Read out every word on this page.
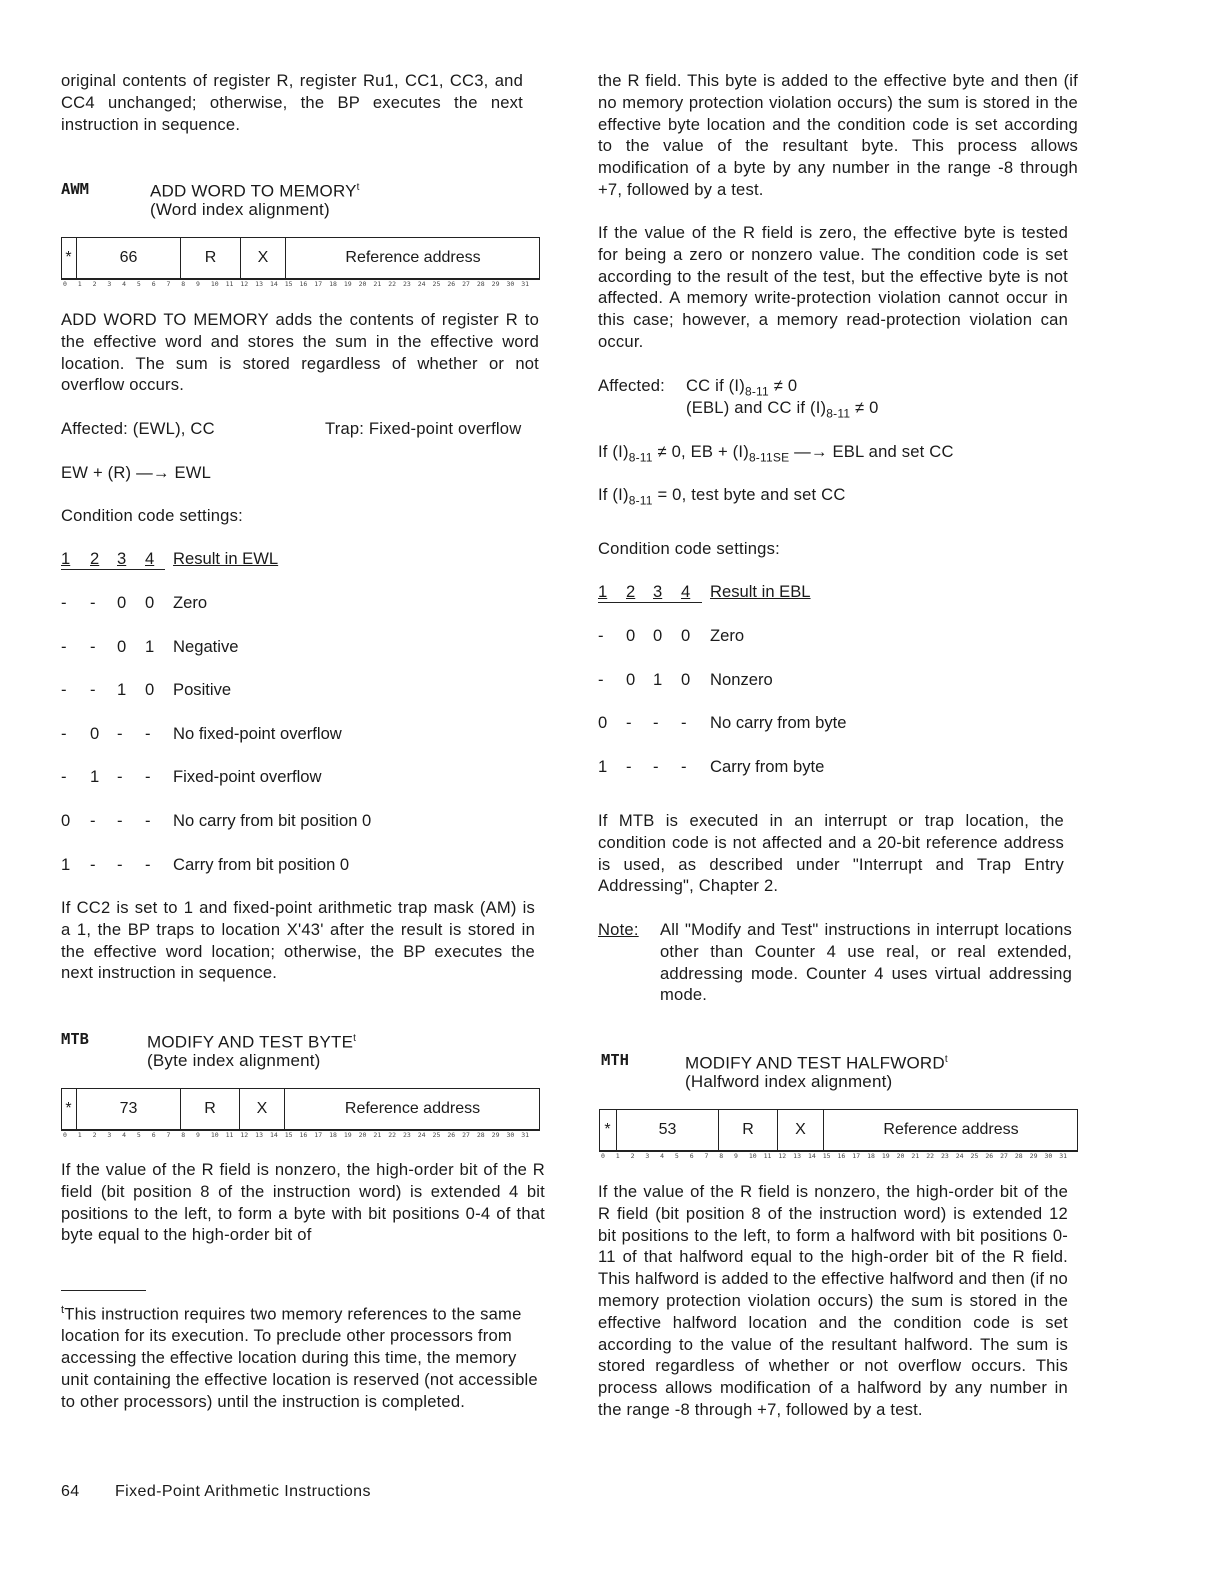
original contents of register R, register Ru1, CC1, CC3, and CC4 unchanged; otherwise, the BP executes the next instruction in sequence.
AWM	ADD WORD TO MEMORY$^t$
(Word index alignment)
*	66	R	X	Reference address
0 1 2 3 4 5 6 7 8 9 10 11 12 13 14 15 16 17 18 19 20 21 22 23 24 25 26 27 28 29 30 31
ADD WORD TO MEMORY adds the contents of register R to the effective word and stores the sum in the effective word location. The sum is stored regardless of whether or not overflow occurs.
Affected: (EWL), CC	Trap: Fixed-point overflow
EW + (R) —→ EWL
Condition code settings:
1 2 3 4 Result in EWL
- - 0 0 Zero
- - 0 1 Negative
- - 1 0 Positive
- 0 - - No fixed-point overflow
- 1 - - Fixed-point overflow
0 - - - No carry from bit position 0
1 - - - Carry from bit position 0
If CC2 is set to 1 and fixed-point arithmetic trap mask (AM) is a 1, the BP traps to location X'43' after the result is stored in the effective word location; otherwise, the BP executes the next instruction in sequence.
MTB	MODIFY AND TEST BYTE$^t$
(Byte index alignment)
*	73	R	X	Reference address
0 1 2 3 4 5 6 7 8 9 10 11 12 13 14 15 16 17 18 19 20 21 22 23 24 25 26 27 28 29 30 31
If the value of the R field is nonzero, the high-order bit of the R field (bit position 8 of the instruction word) is extended 4 bit positions to the left, to form a byte with bit positions 0-4 of that byte equal to the high-order bit of
$^t$This instruction requires two memory references to the same location for its execution. To preclude other processors from accessing the effective location during this time, the memory unit containing the effective location is reserved (not accessible to other processors) until the instruction is completed.
the R field. This byte is added to the effective byte and then (if no memory protection violation occurs) the sum is stored in the effective byte location and the condition code is set according to the value of the resultant byte. This process allows modification of a byte by any number in the range -8 through +7, followed by a test.
If the value of the R field is zero, the effective byte is tested for being a zero or nonzero value. The condition code is set according to the result of the test, but the effective byte is not affected. A memory write-protection violation cannot occur in this case; however, a memory read-protection violation can occur.
Affected: CC if $(I)_{8-11} \ne 0$
(EBL) and CC if $(I)_{8-11} \ne 0$
If $(I)_{8-11} \ne 0$, EB + $(I)_{8-11SE}$ —→ EBL and set CC
If $(I)_{8-11} = 0$, test byte and set CC
Condition code settings:
1 2 3 4 Result in EBL
- 0 0 0 Zero
- 0 1 0 Nonzero
0 - - - No carry from byte
1 - - - Carry from byte
If MTB is executed in an interrupt or trap location, the condition code is not affected and a 20-bit reference address is used, as described under "Interrupt and Trap Entry Addressing", Chapter 2.
Note: All "Modify and Test" instructions in interrupt locations other than Counter 4 use real, or real extended, addressing mode. Counter 4 uses virtual addressing mode.
MTH	MODIFY AND TEST HALFWORD$^t$
(Halfword index alignment)
*	53	R	X	Reference address
0 1 2 3 4 5 6 7 8 9 10 11 12 13 14 15 16 17 18 19 20 21 22 23 24 25 26 27 28 29 30 31
If the value of the R field is nonzero, the high-order bit of the R field (bit position 8 of the instruction word) is extended 12 bit positions to the left, to form a halfword with bit positions 0-11 of that halfword equal to the high-order bit of the R field. This halfword is added to the effective halfword and then (if no memory protection violation occurs) the sum is stored in the effective halfword location and the condition code is set according to the value of the resultant halfword. The sum is stored regardless of whether or not overflow occurs. This process allows modification of a halfword by any number in the range -8 through +7, followed by a test.
64 Fixed-Point Arithmetic Instructions
